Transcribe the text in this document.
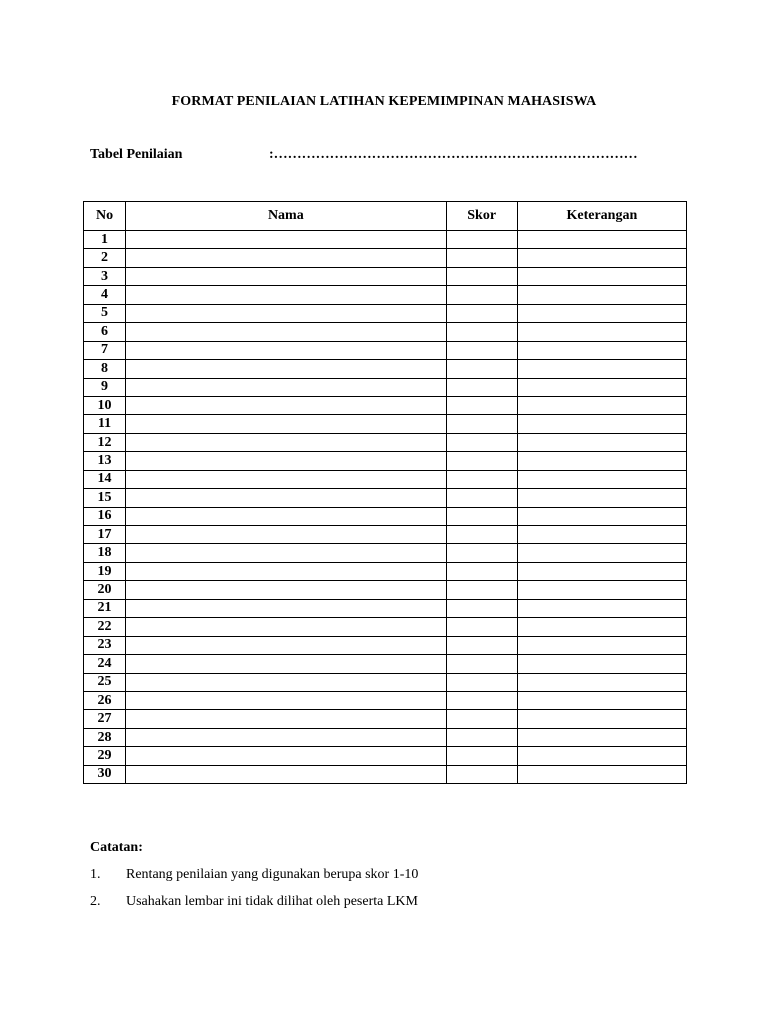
FORMAT PENILAIAN LATIHAN KEPEMIMPINAN MAHASISWA
Tabel Penilaian	:……………………………………………………………………
No	Nama	Skor	Keterangan
1			
2			
3			
4			
5			
6			
7			
8			
9			
10			
11			
12			
13			
14			
15			
16			
17			
18			
19			
20			
21			
22			
23			
24			
25			
26			
27			
28			
29			
30			
Catatan:
1. Rentang penilaian yang digunakan berupa skor 1-10
2. Usahakan lembar ini tidak dilihat oleh peserta LKM
